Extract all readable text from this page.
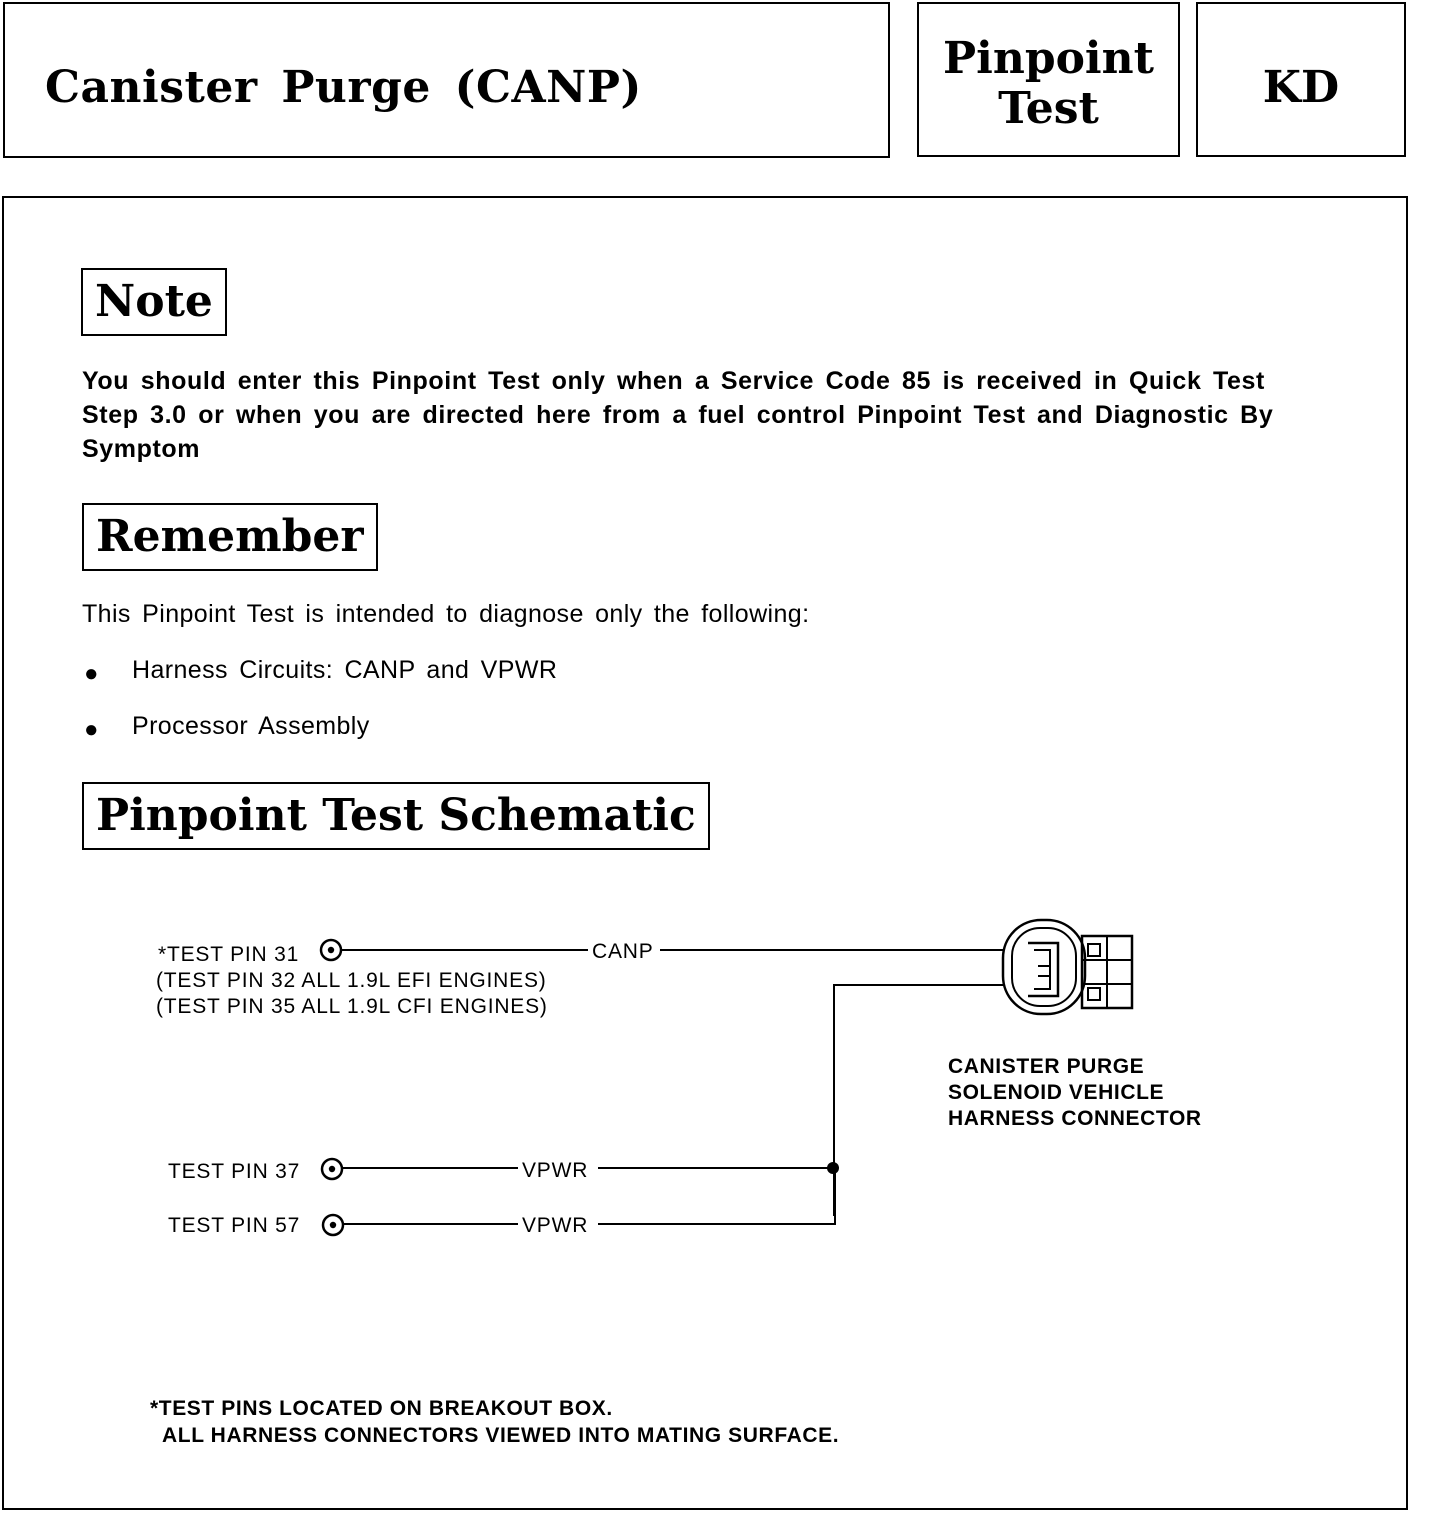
Canister Purge (CANP)
Pinpoint
Test	KD
Note
You should enter this Pinpoint Test only when a Service Code 85 is received in Quick Test Step 3.0 or when you are directed here from a fuel control Pinpoint Test and Diagnostic By Symptom
Remember
This Pinpoint Test is intended to diagnose only the following:
● Harness Circuits: CANP and VPWR
● Processor Assembly
Pinpoint Test Schematic
*TEST PIN 31
(TEST PIN 32 ALL 1.9L EFI ENGINES)
(TEST PIN 35 ALL 1.9L CFI ENGINES)
CANP
TEST PIN 37	VPWR
TEST PIN 57	VPWR
CANISTER PURGE
SOLENOID VEHICLE
HARNESS CONNECTOR
*TEST PINS LOCATED ON BREAKOUT BOX.
ALL HARNESS CONNECTORS VIEWED INTO MATING SURFACE.
